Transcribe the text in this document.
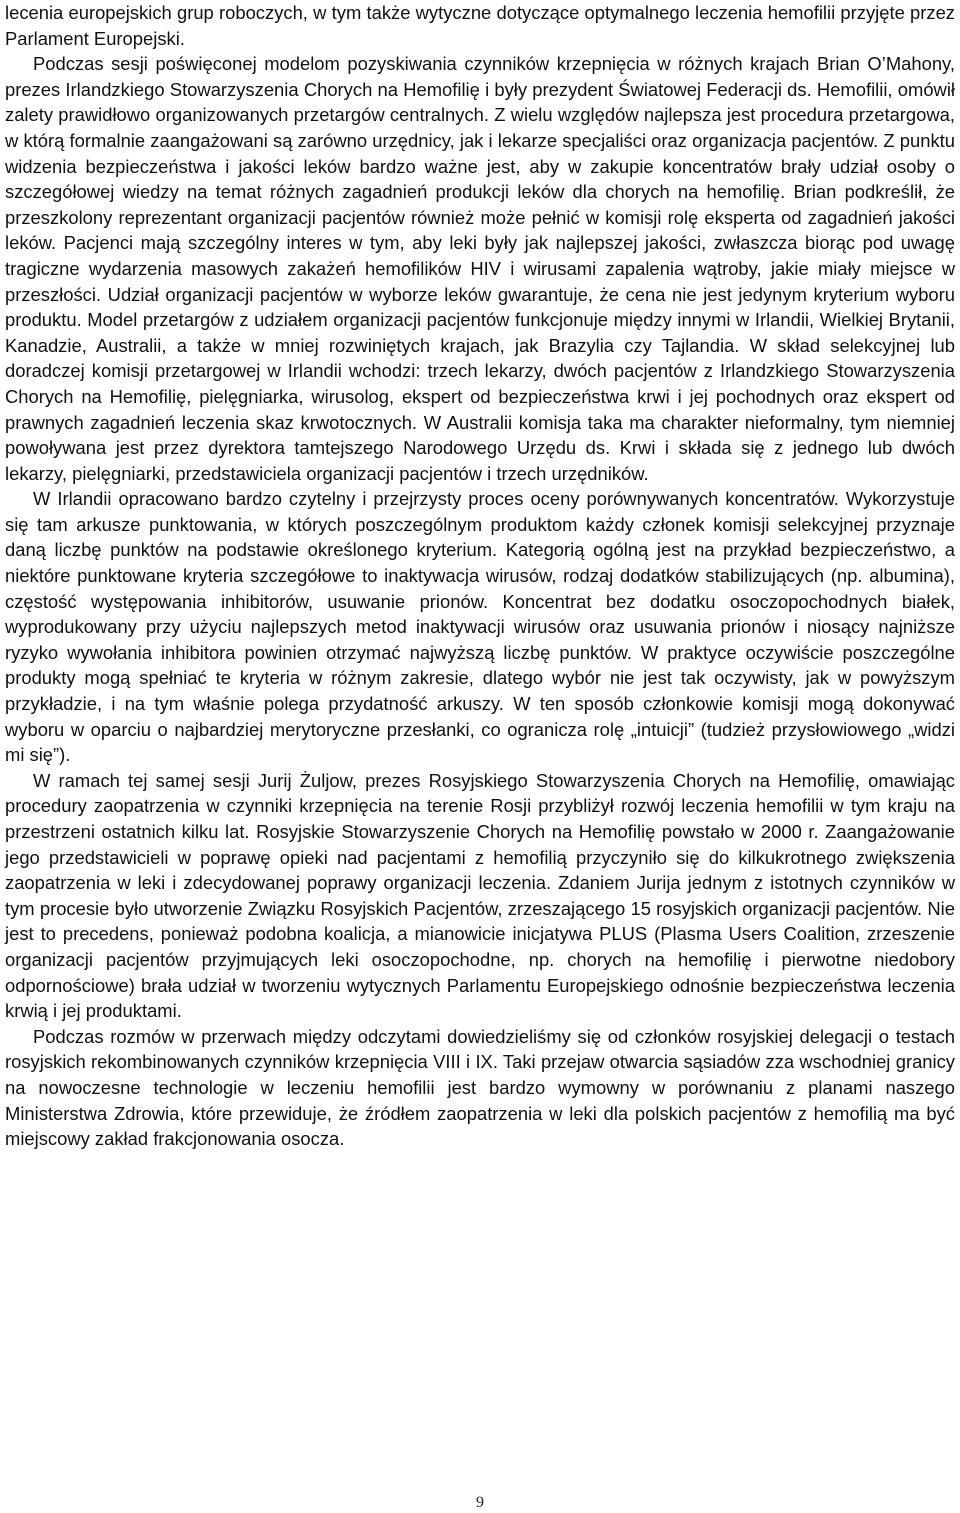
lecenia europejskich grup roboczych, w tym także wytyczne dotyczące optymalnego leczenia hemofilii przyjęte przez Parlament Europejski.

Podczas sesji poświęconej modelom pozyskiwania czynników krzepnięcia w różnych krajach Brian O’Mahony, prezes Irlandzkiego Stowarzyszenia Chorych na Hemofilię i były prezydent Światowej Federacji ds. Hemofilii, omówił zalety prawidłowo organizowanych przetargów centralnych. Z wielu względów najlepsza jest procedura przetargowa, w którą formalnie zaangażowani są zarówno urzędnicy, jak i lekarze specjaliści oraz organizacja pacjentów. Z punktu widzenia bezpieczeństwa i jakości leków bardzo ważne jest, aby w zakupie koncentratów brały udział osoby o szczegółowej wiedzy na temat różnych zagadnień produkcji leków dla chorych na hemofilię. Brian podkreślił, że przeszkolony reprezentant organizacji pacjentów również może pełnić w komisji rolę eksperta od zagadnień jakości leków. Pacjenci mają szczególny interes w tym, aby leki były jak najlepszej jakości, zwłaszcza biorąc pod uwagę tragiczne wydarzenia masowych zakażeń hemofilików HIV i wirusami zapalenia wątroby, jakie miały miejsce w przeszłości. Udział organizacji pacjentów w wyborze leków gwarantuje, że cena nie jest jedynym kryterium wyboru produktu. Model przetargów z udziałem organizacji pacjentów funkcjonuje między innymi w Irlandii, Wielkiej Brytanii, Kanadzie, Australii, a także w mniej rozwiniętych krajach, jak Brazylia czy Tajlandia. W skład selekcyjnej lub doradczej komisji przetargowej w Irlandii wchodzi: trzech lekarzy, dwóch pacjentów z Irlandzkiego Stowarzyszenia Chorych na Hemofilię, pielęgniarka, wirusolog, ekspert od bezpieczeństwa krwi i jej pochodnych oraz ekspert od prawnych zagadnień leczenia skaz krwotocznych. W Australii komisja taka ma charakter nieformalny, tym niemniej powoływana jest przez dyrektora tamtejszego Narodowego Urzędu ds. Krwi i składa się z jednego lub dwóch lekarzy, pielęgniarki, przedstawiciela organizacji pacjentów i trzech urzędników.

W Irlandii opracowano bardzo czytelny i przejrzysty proces oceny porównywanych koncentratów. Wykorzystuje się tam arkusze punktowania, w których poszczególnym produktom każdy członek komisji selekcyjnej przyznaje daną liczbę punktów na podstawie określonego kryterium. Kategorią ogólną jest na przykład bezpieczeństwo, a niektóre punktowane kryteria szczegółowe to inaktywacja wirusów, rodzaj dodatków stabilizujących (np. albumina), częstość występowania inhibitorów, usuwanie prionów. Koncentrat bez dodatku osoczopochodnych białek, wyprodukowany przy użyciu najlepszych metod inaktywacji wirusów oraz usuwania prionów i niosący najniższe ryzyko wywołania inhibitora powinien otrzymać najwyższą liczbę punktów. W praktyce oczywiście poszczególne produkty mogą spełniać te kryteria w różnym zakresie, dlatego wybór nie jest tak oczywisty, jak w powyższym przykładzie, i na tym właśnie polega przydatność arkuszy. W ten sposób członkowie komisji mogą dokonywać wyboru w oparciu o najbardziej merytoryczne przesłanki, co ogranicza rolę „intuicji” (tudzież przysłowiowego „widzi mi się”).

W ramach tej samej sesji Jurij Żuljow, prezes Rosyjskiego Stowarzyszenia Chorych na Hemofilię, omawiając procedury zaopatrzenia w czynniki krzepnięcia na terenie Rosji przybliżył rozwój leczenia hemofilii w tym kraju na przestrzeni ostatnich kilku lat. Rosyjskie Stowarzyszenie Chorych na Hemofilię powstało w 2000 r. Zaangażowanie jego przedstawicieli w poprawę opieki nad pacjentami z hemofilią przyczyniło się do kilkukrotnego zwiększenia zaopatrzenia w leki i zdecydowanej poprawy organizacji leczenia. Zdaniem Jurija jednym z istotnych czynników w tym procesie było utworzenie Związku Rosyjskich Pacjentów, zrzeszającego 15 rosyjskich organizacji pacjentów. Nie jest to precedens, ponieważ podobna koalicja, a mianowicie inicjatywa PLUS (Plasma Users Coalition, zrzeszenie organizacji pacjentów przyjmujących leki osoczopochodne, np. chorych na hemofilię i pierwotne niedobory odpornościowe) brała udział w tworzeniu wytycznych Parlamentu Europejskiego odnośnie bezpieczeństwa leczenia krwią i jej produktami.

Podczas rozmów w przerwach między odczytami dowiedzieliśmy się od członków rosyjskiej delegacji o testach rosyjskich rekombinowanych czynników krzepnięcia VIII i IX. Taki przejaw otwarcia sąsiadów zza wschodniej granicy na nowoczesne technologie w leczeniu hemofilii jest bardzo wymowny w porównaniu z planami naszego Ministerstwa Zdrowia, które przewiduje, że źródłem zaopatrzenia w leki dla polskich pacjentów z hemofilią ma być miejscowy zakład frakcjonowania osocza.

9
